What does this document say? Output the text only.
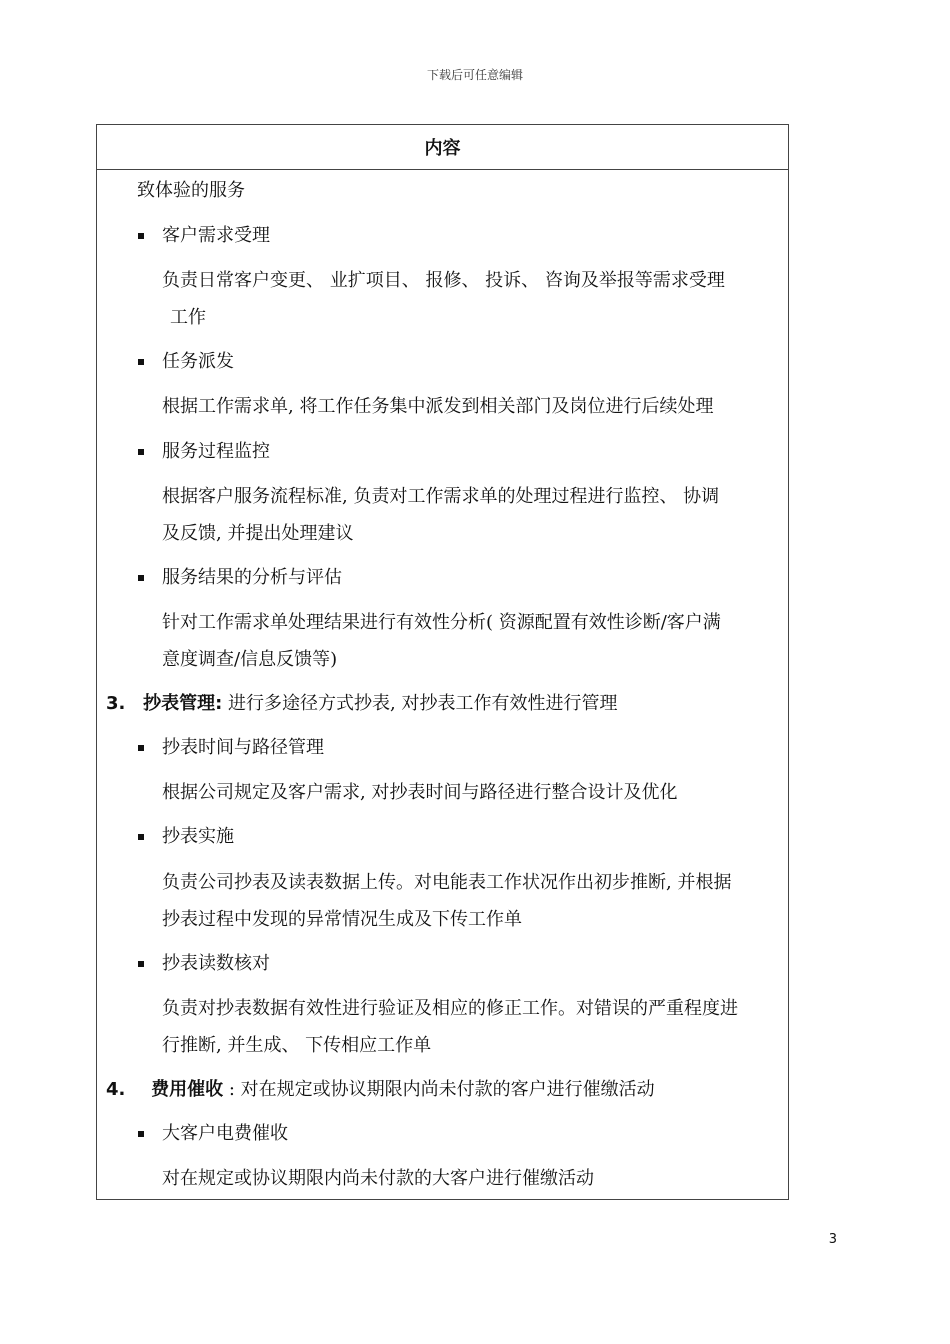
下载后可任意编辑
内容
致体验的服务
客户需求受理
负责日常客户变更、 业扩项目、 报修、 投诉、 咨询及举报等需求受理
工作
任务派发
根据工作需求单, 将工作任务集中派发到相关部门及岗位进行后续处理
服务过程监控
根据客户服务流程标准, 负责对工作需求单的处理过程进行监控、 协调
及反馈, 并提出处理建议
服务结果的分析与评估
针对工作需求单处理结果进行有效性分析( 资源配置有效性诊断/客户满
意度调查/信息反馈等)
3. 抄表管理: 进行多途径方式抄表, 对抄表工作有效性进行管理
抄表时间与路径管理
根据公司规定及客户需求, 对抄表时间与路径进行整合设计及优化
抄表实施
负责公司抄表及读表数据上传。对电能表工作状况作出初步推断, 并根据
抄表过程中发现的异常情况生成及下传工作单
抄表读数核对
负责对抄表数据有效性进行验证及相应的修正工作。对错误的严重程度进
行推断, 并生成、 下传相应工作单
4. 费用催收 : 对在规定或协议期限内尚未付款的客户进行催缴活动
大客户电费催收
对在规定或协议期限内尚未付款的大客户进行催缴活动
3
